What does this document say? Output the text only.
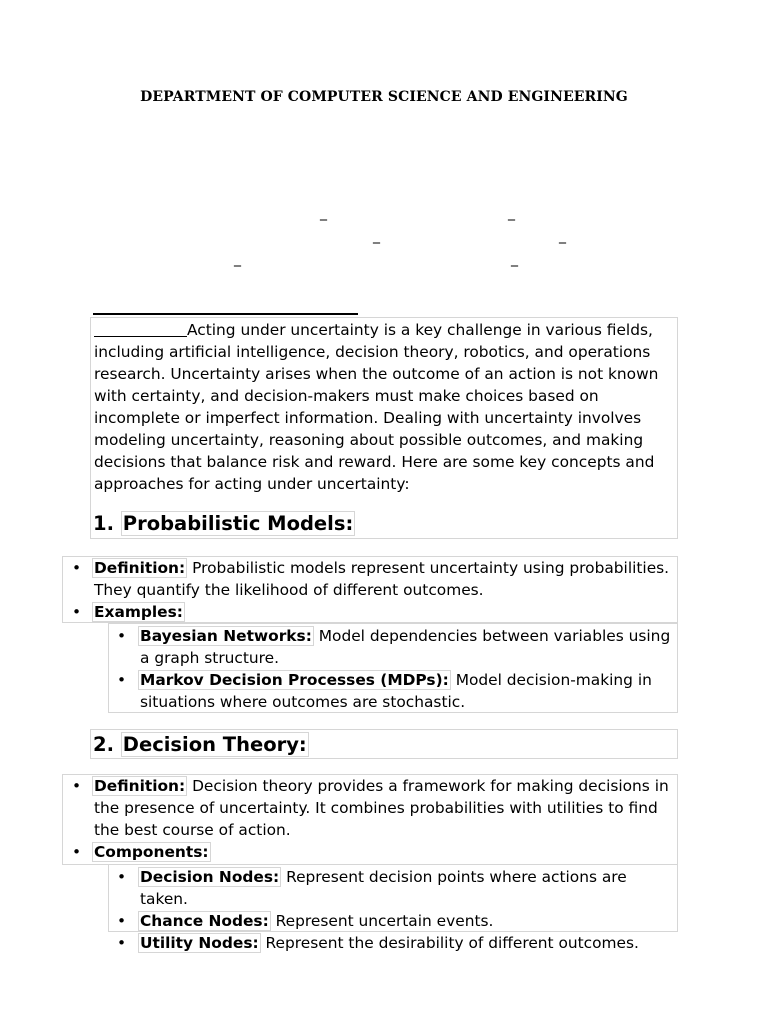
DEPARTMENT OF COMPUTER SCIENCE AND ENGINEERING
_	_
_	_
_	_
Acting under uncertainty is a key challenge in various fields, including artificial intelligence, decision theory, robotics, and operations research. Uncertainty arises when the outcome of an action is not known with certainty, and decision-makers must make choices based on incomplete or imperfect information. Dealing with uncertainty involves modeling uncertainty, reasoning about possible outcomes, and making decisions that balance risk and reward. Here are some key concepts and approaches for acting under uncertainty:
1. Probabilistic Models:
• Definition: Probabilistic models represent uncertainty using probabilities. They quantify the likelihood of different outcomes.
• Examples:
• Bayesian Networks: Model dependencies between variables using a graph structure.
• Markov Decision Processes (MDPs): Model decision-making in situations where outcomes are stochastic.
2. Decision Theory:
• Definition: Decision theory provides a framework for making decisions in the presence of uncertainty. It combines probabilities with utilities to find the best course of action.
• Components:
• Decision Nodes: Represent decision points where actions are taken.
• Chance Nodes: Represent uncertain events.
• Utility Nodes: Represent the desirability of different outcomes.
